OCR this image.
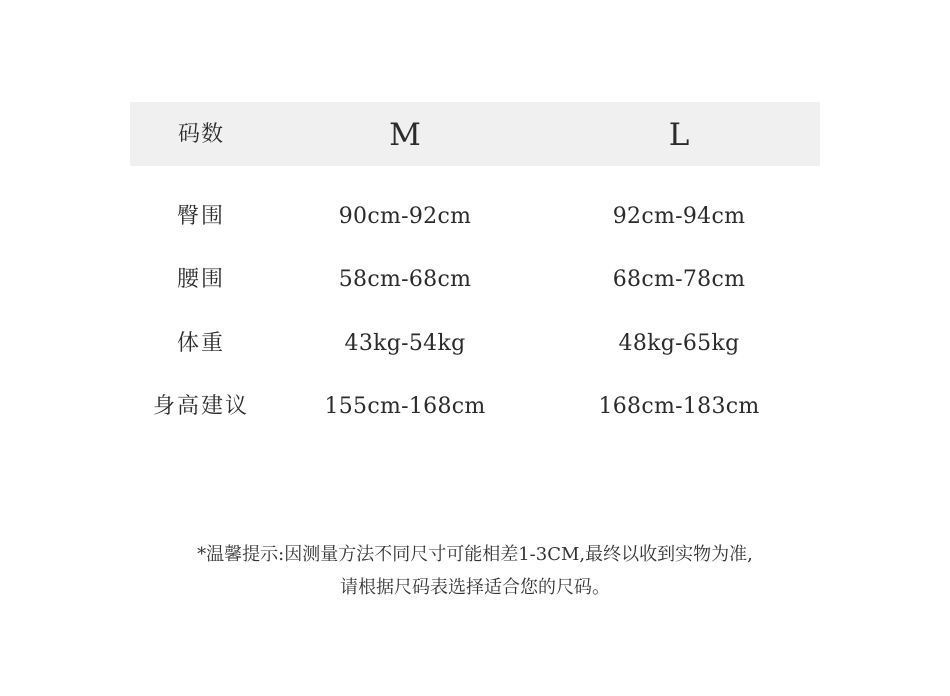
码数	M	L
臀围	90cm-92cm	92cm-94cm
腰围	58cm-68cm	68cm-78cm
体重	43kg-54kg	48kg-65kg
身高建议	155cm-168cm	168cm-183cm
*温馨提示:因测量方法不同尺寸可能相差1-3CM,最终以收到实物为准,
请根据尺码表选择适合您的尺码。
